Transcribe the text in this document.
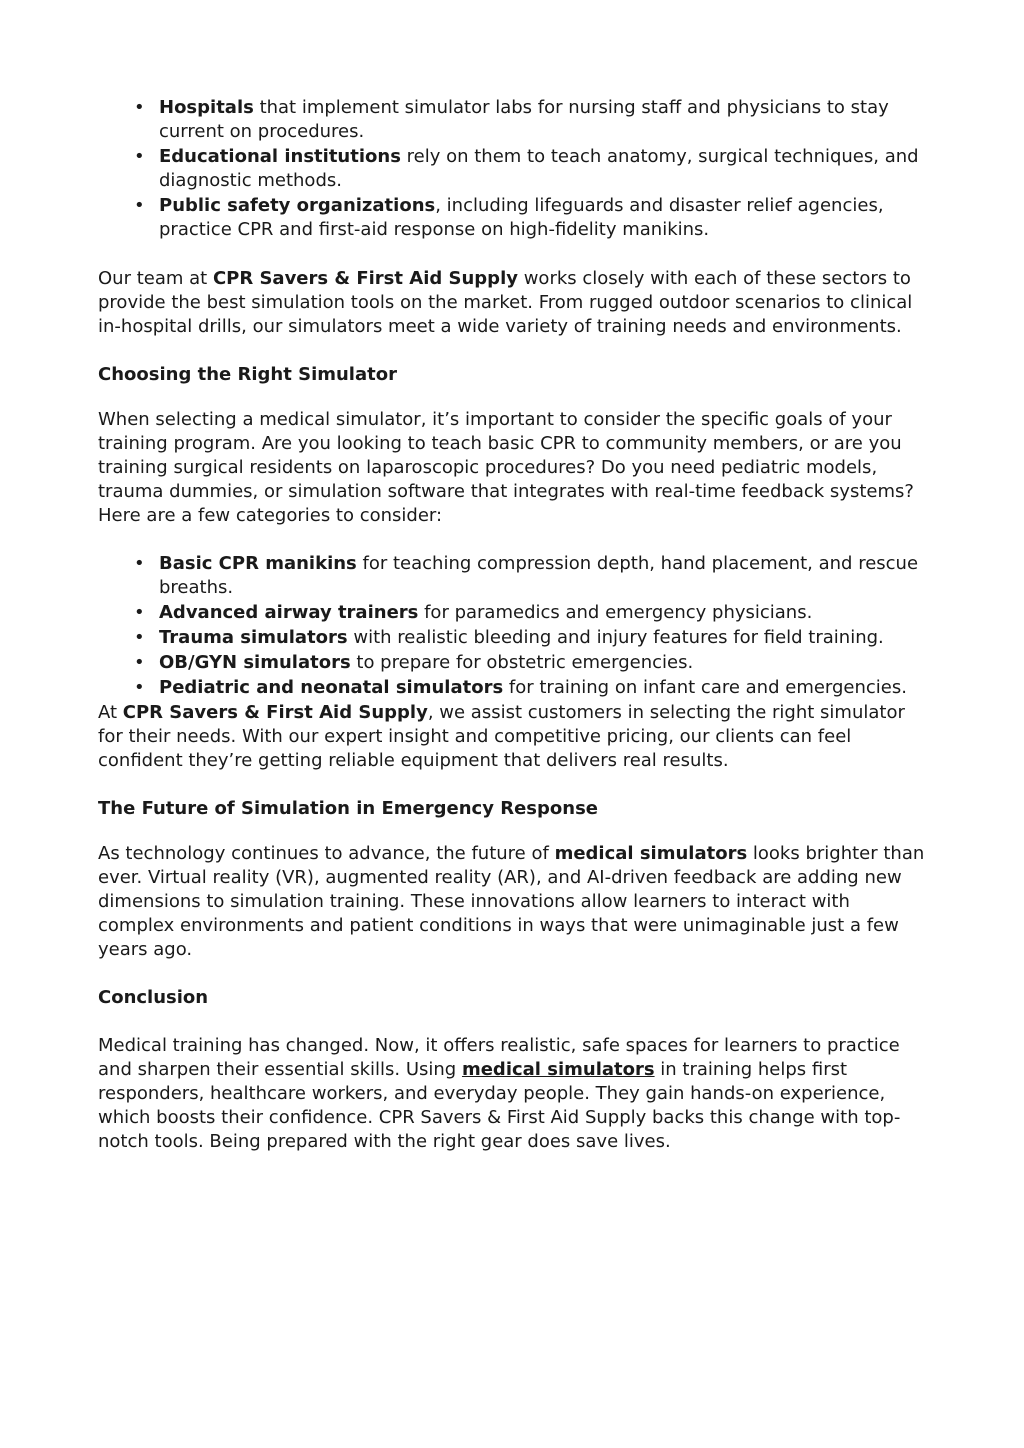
• Hospitals that implement simulator labs for nursing staff and physicians to stay current on procedures.
• Educational institutions rely on them to teach anatomy, surgical techniques, and diagnostic methods.
• Public safety organizations, including lifeguards and disaster relief agencies, practice CPR and first-aid response on high-fidelity manikins.

Our team at CPR Savers & First Aid Supply works closely with each of these sectors to provide the best simulation tools on the market. From rugged outdoor scenarios to clinical in-hospital drills, our simulators meet a wide variety of training needs and environments.

Choosing the Right Simulator

When selecting a medical simulator, it’s important to consider the specific goals of your training program. Are you looking to teach basic CPR to community members, or are you training surgical residents on laparoscopic procedures? Do you need pediatric models, trauma dummies, or simulation software that integrates with real-time feedback systems? Here are a few categories to consider:

• Basic CPR manikins for teaching compression depth, hand placement, and rescue breaths.
• Advanced airway trainers for paramedics and emergency physicians.
• Trauma simulators with realistic bleeding and injury features for field training.
• OB/GYN simulators to prepare for obstetric emergencies.
• Pediatric and neonatal simulators for training on infant care and emergencies.

At CPR Savers & First Aid Supply, we assist customers in selecting the right simulator for their needs. With our expert insight and competitive pricing, our clients can feel confident they’re getting reliable equipment that delivers real results.

The Future of Simulation in Emergency Response

As technology continues to advance, the future of medical simulators looks brighter than ever. Virtual reality (VR), augmented reality (AR), and AI-driven feedback are adding new dimensions to simulation training. These innovations allow learners to interact with complex environments and patient conditions in ways that were unimaginable just a few years ago.

Conclusion

Medical training has changed. Now, it offers realistic, safe spaces for learners to practice and sharpen their essential skills. Using medical simulators in training helps first responders, healthcare workers, and everyday people. They gain hands-on experience, which boosts their confidence. CPR Savers & First Aid Supply backs this change with top-notch tools. Being prepared with the right gear does save lives.
